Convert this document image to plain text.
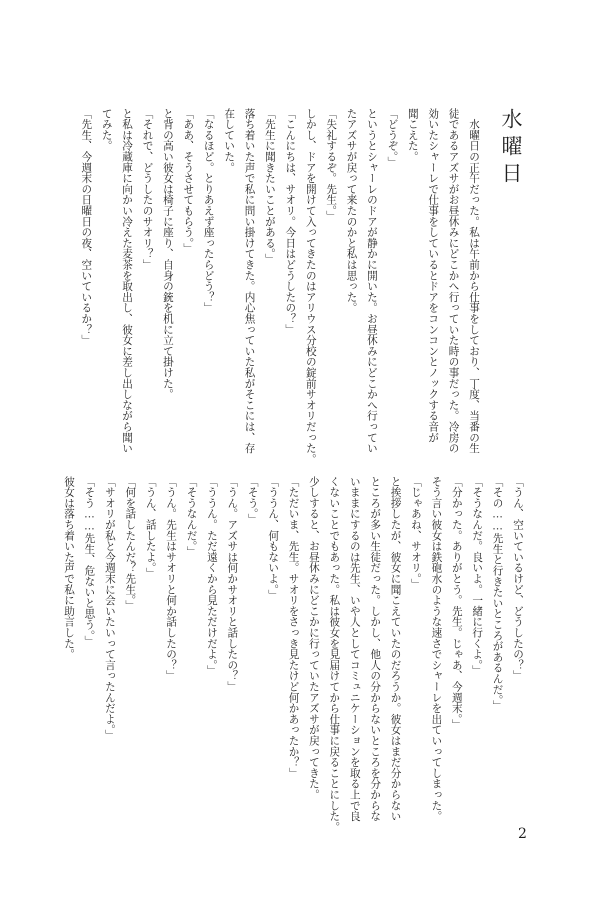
水曜日
　水曜日の正午だった。私は午前から仕事をしており、丁度、当番の生
徒であるアズサがお昼休みにどこかへ行っていた時の事だった。冷房の
効いたシャーレで仕事をしているとドアをコンコンとノックする音が
聞こえた。
「どうぞ。」
というとシャーレのドアが静かに開いた。お昼休みにどこかへ行ってい
たアズサが戻って来たのかと私は思った。
「失礼するぞ。先生。」
しかし、ドアを開けて入ってきたのはアリウス分校の錠前サオリだった。
「こんにちは、サオリ。今日はどうしたの？」
「先生に聞きたいことがある。」
落ち着いた声で私に問い掛けてきた。内心焦っていた私がそこには、存
在していた。
「なるほど。とりあえず座ったらどう？」
「ああ、そうさせてもらう。」
と背の高い彼女は椅子に座り、自身の銃を机に立て掛けた。
「それで、どうしたのサオリ？」
と私は冷蔵庫に向かい冷えた麦茶を取出し、彼女に差し出しながら聞い
てみた。
「先生、今週末の日曜日の夜、空いているか？」
「うん、空いているけど、どうしたの？」
「その……先生と行きたいところがあるんだ。」
「そうなんだ。良いよ。一緒に行くよ。」
「分かった。ありがとう。先生。じゃあ、今週末。」
そう言い彼女は鉄砲水のような速さでシャーレを出ていってしまった。
「じゃあね、サオリ。」
と挨拶したが、彼女に聞こえていたのだろうか。彼女はまだ分からない
ところが多い生徒だった。しかし、他人の分からないところを分からな
いままにするのは先生、いや人としてコミュニケーションを取る上で良
くないことでもあった。私は彼女を見届けてから仕事に戻ることにした。
少しすると、お昼休みにどこかに行っていたアズサが戻ってきた。
「ただいま、先生。サオリをさっき見たけど何かあったか？」
「ううん、何もないよ。」
「そう。」
「うん。アズサは何かサオリと話したの？」
「ううん。ただ遠くから見ただけだよ。」
「そうなんだ。」
「うん。先生はサオリと何か話したの？」
「うん、話したよ。」
「何を話したんだ？先生。」
「サオリが私と今週末に会いたいって言ったんだよ。」
「そう……先生、危ないと思う。」
彼女は落ち着いた声で私に助言した。
2
